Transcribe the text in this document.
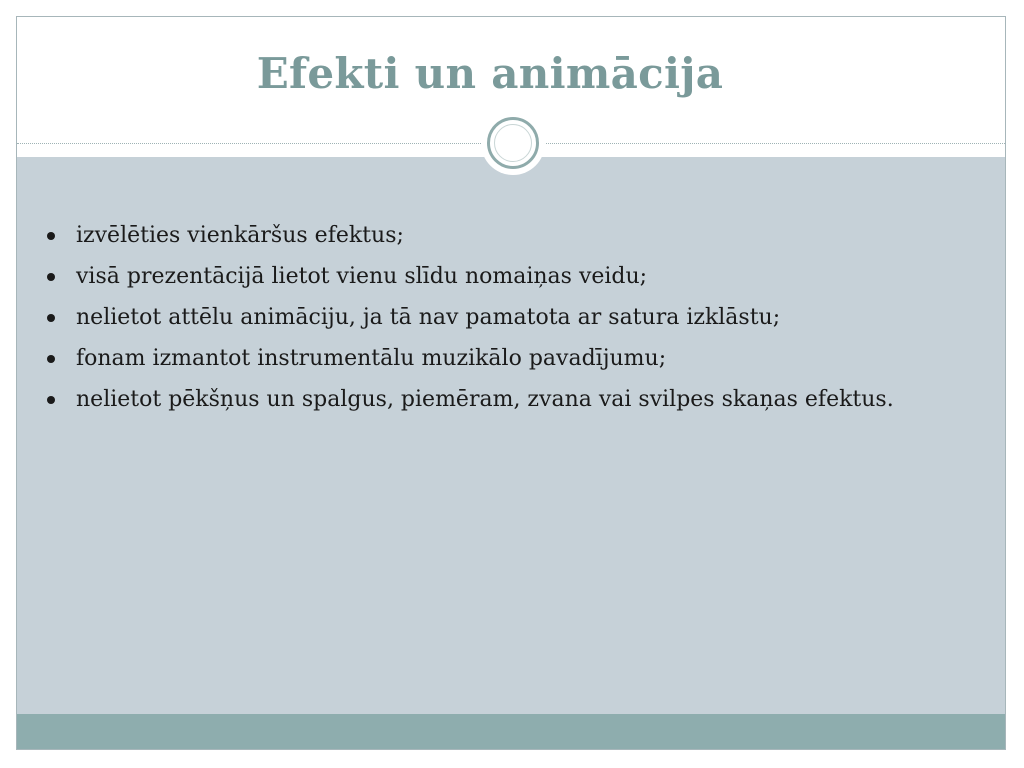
Efekti un animācija
izvēlēties vienkāršus efektus;
visā prezentācijā lietot vienu slīdu nomaiņas veidu;
nelietot attēlu animāciju, ja tā nav pamatota ar satura izklāstu;
fonam izmantot instrumentālu muzikālo pavadījumu;
nelietot pēkšņus un spalgus, piemēram, zvana vai svilpes skaņas efektus.
